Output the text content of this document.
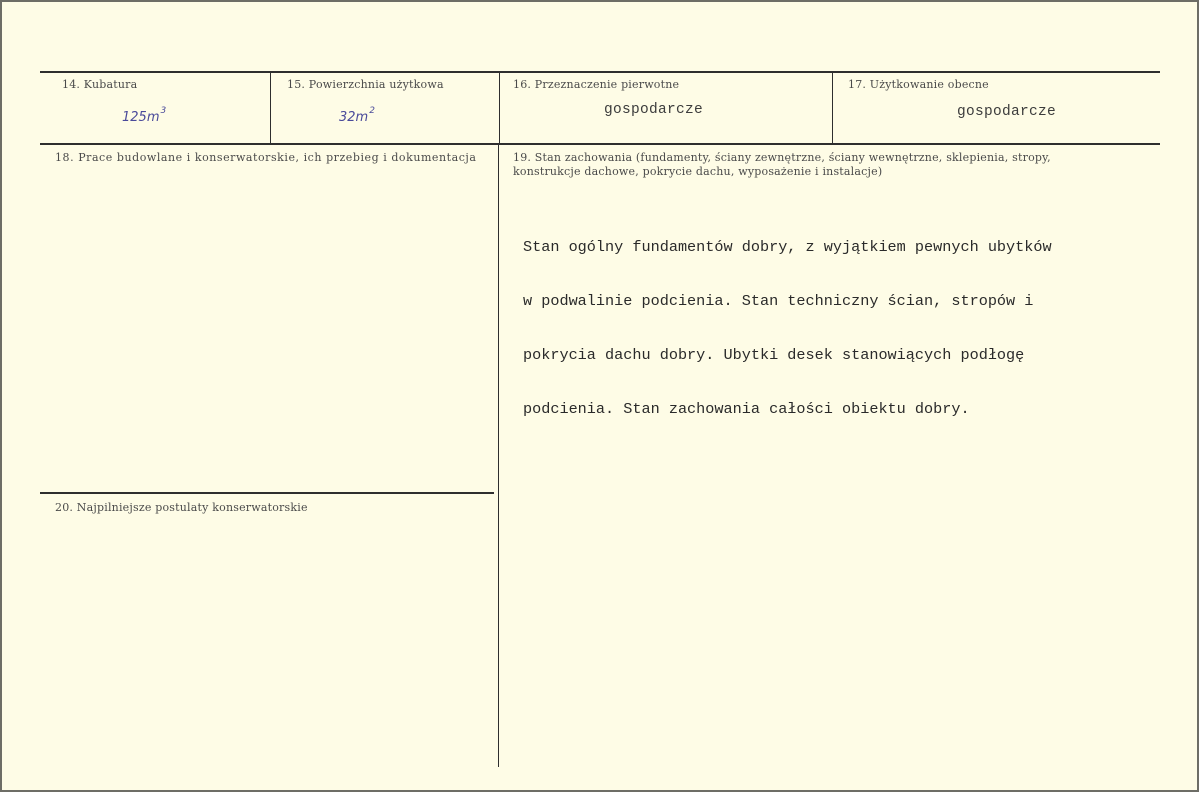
14. Kubatura
$125m^3$
15. Powierzchnia użytkowa
$32m^2$
16. Przeznaczenie pierwotne
gospodarcze
17. Użytkowanie obecne
gospodarcze
18. Prace budowlane i konserwatorskie, ich przebieg i dokumentacja	19. Stan zachowania (fundamenty, ściany zewnętrzne, ściany wewnętrzne, sklepienia, stropy,
konstrukcje dachowe, pokrycie dachu, wyposażenie i instalacje)

Stan ogólny fundamentów dobry, z wyjątkiem pewnych ubytków

w podwalinie podcienia. Stan techniczny ścian, stropów i

pokrycia dachu dobry. Ubytki desek stanowiących podłogę

podcienia. Stan zachowania całości obiektu dobry.

20. Najpilniejsze postulaty konserwatorskie
